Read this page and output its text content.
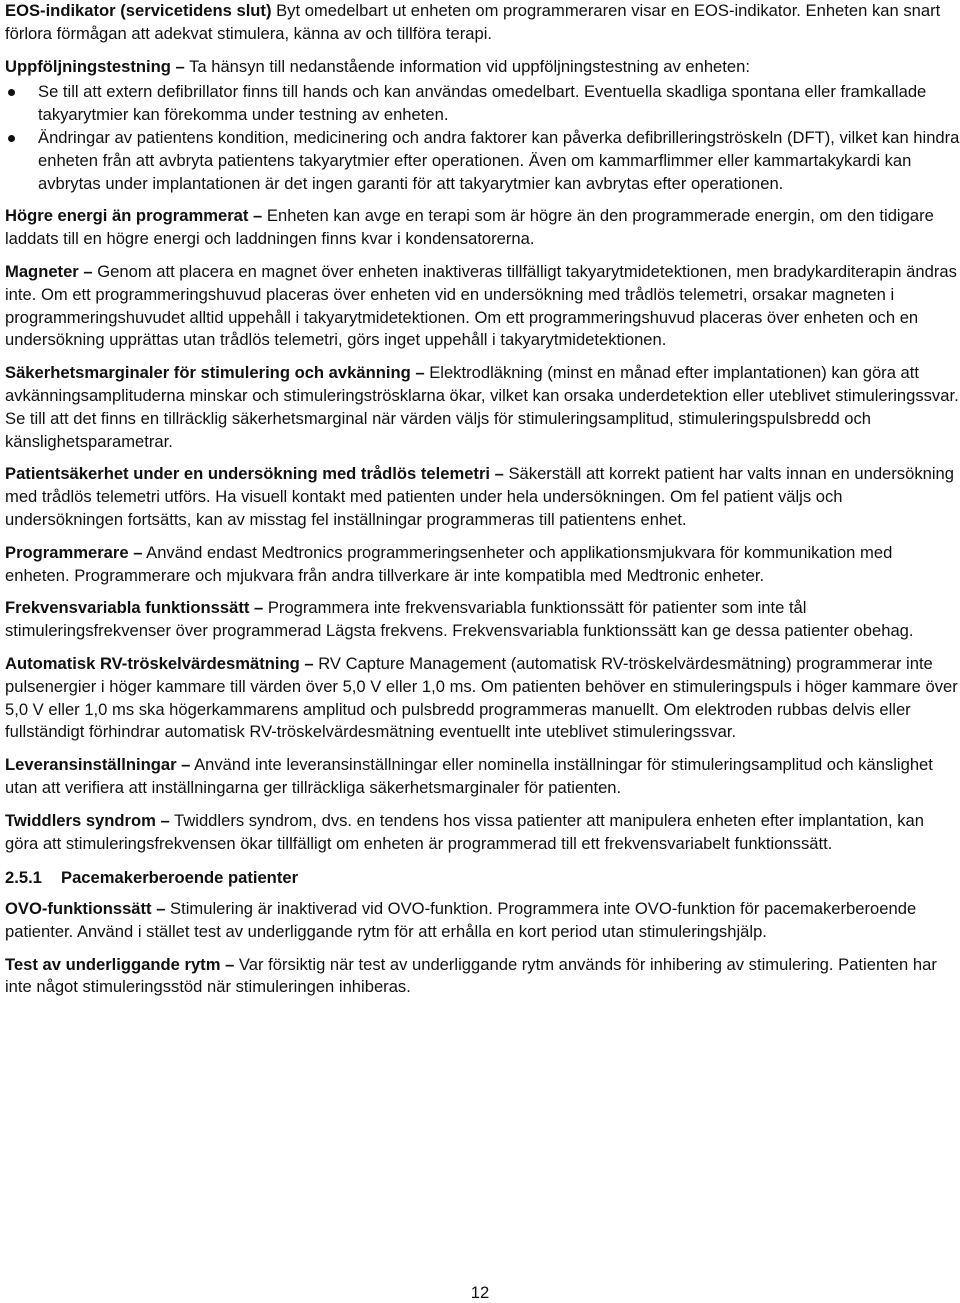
EOS-indikator (servicetidens slut) Byt omedelbart ut enheten om programmeraren visar en EOS-indikator. Enheten kan snart förlora förmågan att adekvat stimulera, känna av och tillföra terapi.

Uppföljningstestning – Ta hänsyn till nedanstående information vid uppföljningstestning av enheten:

Se till att extern defibrillator finns till hands och kan användas omedelbart. Eventuella skadliga spontana eller framkallade takyarytmier kan förekomma under testning av enheten.
Ändringar av patientens kondition, medicinering och andra faktorer kan påverka defibrilleringströskeln (DFT), vilket kan hindra enheten från att avbryta patientens takyarytmier efter operationen. Även om kammarflimmer eller kammartakykardi kan avbrytas under implantationen är det ingen garanti för att takyarytmier kan avbrytas efter operationen.

Högre energi än programmerat – Enheten kan avge en terapi som är högre än den programmerade energin, om den tidigare laddats till en högre energi och laddningen finns kvar i kondensatorerna.

Magneter – Genom att placera en magnet över enheten inaktiveras tillfälligt takyarytmidetektionen, men bradykarditerapin ändras inte. Om ett programmeringshuvud placeras över enheten vid en undersökning med trådlös telemetri, orsakar magneten i programmeringshuvudet alltid uppehåll i takyarytmidetektionen. Om ett programmeringshuvud placeras över enheten och en undersökning upprättas utan trådlös telemetri, görs inget uppehåll i takyarytmidetektionen.

Säkerhetsmarginaler för stimulering och avkänning – Elektrodläkning (minst en månad efter implantationen) kan göra att avkänningsamplituderna minskar och stimuleringströsklarna ökar, vilket kan orsaka underdetektion eller uteblivet stimuleringssvar. Se till att det finns en tillräcklig säkerhetsmarginal när värden väljs för stimuleringsamplitud, stimuleringspulsbredd och känslighetsparametrar.

Patientsäkerhet under en undersökning med trådlös telemetri – Säkerställ att korrekt patient har valts innan en undersökning med trådlös telemetri utförs. Ha visuell kontakt med patienten under hela undersökningen. Om fel patient väljs och undersökningen fortsätts, kan av misstag fel inställningar programmeras till patientens enhet.

Programmerare – Använd endast Medtronics programmeringsenheter och applikationsmjukvara för kommunikation med enheten. Programmerare och mjukvara från andra tillverkare är inte kompatibla med Medtronic enheter.

Frekvensvariabla funktionssätt – Programmera inte frekvensvariabla funktionssätt för patienter som inte tål stimuleringsfrekvenser över programmerad Lägsta frekvens. Frekvensvariabla funktionssätt kan ge dessa patienter obehag.

Automatisk RV-tröskelvärdesmätning – RV Capture Management (automatisk RV-tröskelvärdesmätning) programmerar inte pulsenergier i höger kammare till värden över 5,0 V eller 1,0 ms. Om patienten behöver en stimuleringspuls i höger kammare över 5,0 V eller 1,0 ms ska högerkammarens amplitud och pulsbredd programmeras manuellt. Om elektroden rubbas delvis eller fullständigt förhindrar automatisk RV-tröskelvärdesmätning eventuellt inte uteblivet stimuleringssvar.

Leveransinställningar – Använd inte leveransinställningar eller nominella inställningar för stimuleringsamplitud och känslighet utan att verifiera att inställningarna ger tillräckliga säkerhetsmarginaler för patienten.

Twiddlers syndrom – Twiddlers syndrom, dvs. en tendens hos vissa patienter att manipulera enheten efter implantation, kan göra att stimuleringsfrekvensen ökar tillfälligt om enheten är programmerad till ett frekvensvariabelt funktionssätt.

2.5.1 Pacemakerberoende patienter

OVO-funktionssätt – Stimulering är inaktiverad vid OVO-funktion. Programmera inte OVO-funktion för pacemakerberoende patienter. Använd i stället test av underliggande rytm för att erhålla en kort period utan stimuleringshjälp.

Test av underliggande rytm – Var försiktig när test av underliggande rytm används för inhibering av stimulering. Patienten har inte något stimuleringsstöd när stimuleringen inhiberas.

12
